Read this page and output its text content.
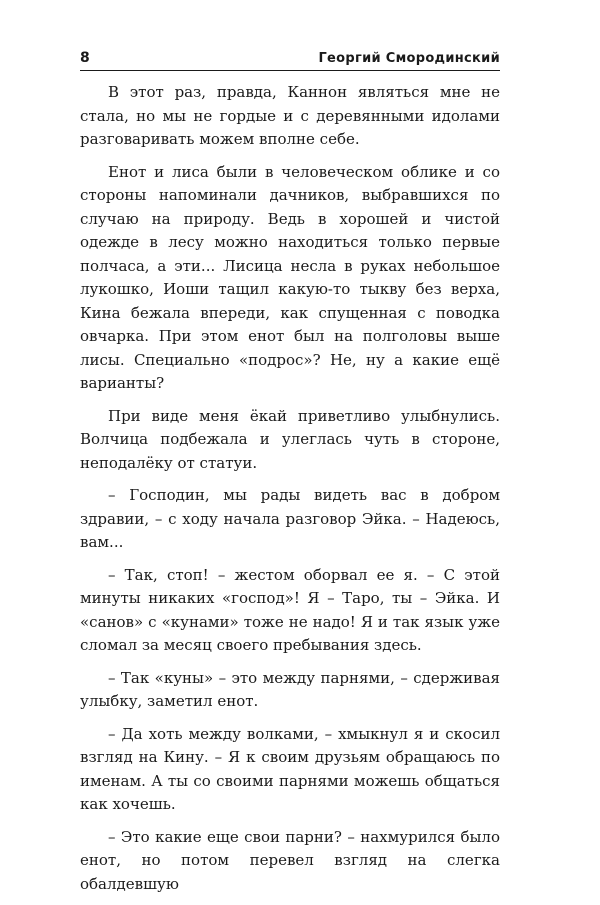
8	Георгий Смородинский

В этот раз, правда, Каннон являться мне не стала, но мы не гордые и с деревянными идолами разговаривать можем вполне себе.

Енот и лиса были в человеческом облике и со стороны напоминали дачников, выбравшихся по случаю на природу. Ведь в хорошей и чистой одежде в лесу можно находиться только первые полчаса, а эти... Лисица несла в руках небольшое лукошко, Иоши тащил какую-то тыкву без верха, Кина бежала впереди, как спущенная с поводка овчарка. При этом енот был на полголовы выше лисы. Специально «подрос»? Не, ну а какие ещё варианты?

При виде меня ёкай приветливо улыбнулись. Волчица подбежала и улеглась чуть в стороне, неподалёку от статуи.

– Господин, мы рады видеть вас в добром здравии, – с ходу начала разговор Эйка. – Надеюсь, вам...

– Так, стоп! – жестом оборвал ее я. – С этой минуты никаких «господ»! Я – Таро, ты – Эйка. И «санов» с «кунами» тоже не надо! Я и так язык уже сломал за месяц своего пребывания здесь.

– Так «куны» – это между парнями, – сдерживая улыбку, заметил енот.

– Да хоть между волками, – хмыкнул я и скосил взгляд на Кину. – Я к своим друзьям обращаюсь по именам. А ты со своими парнями можешь общаться как хочешь.

– Это какие еще свои парни? – нахмурился было енот, но потом перевел взгляд на слегка обалдевшую
